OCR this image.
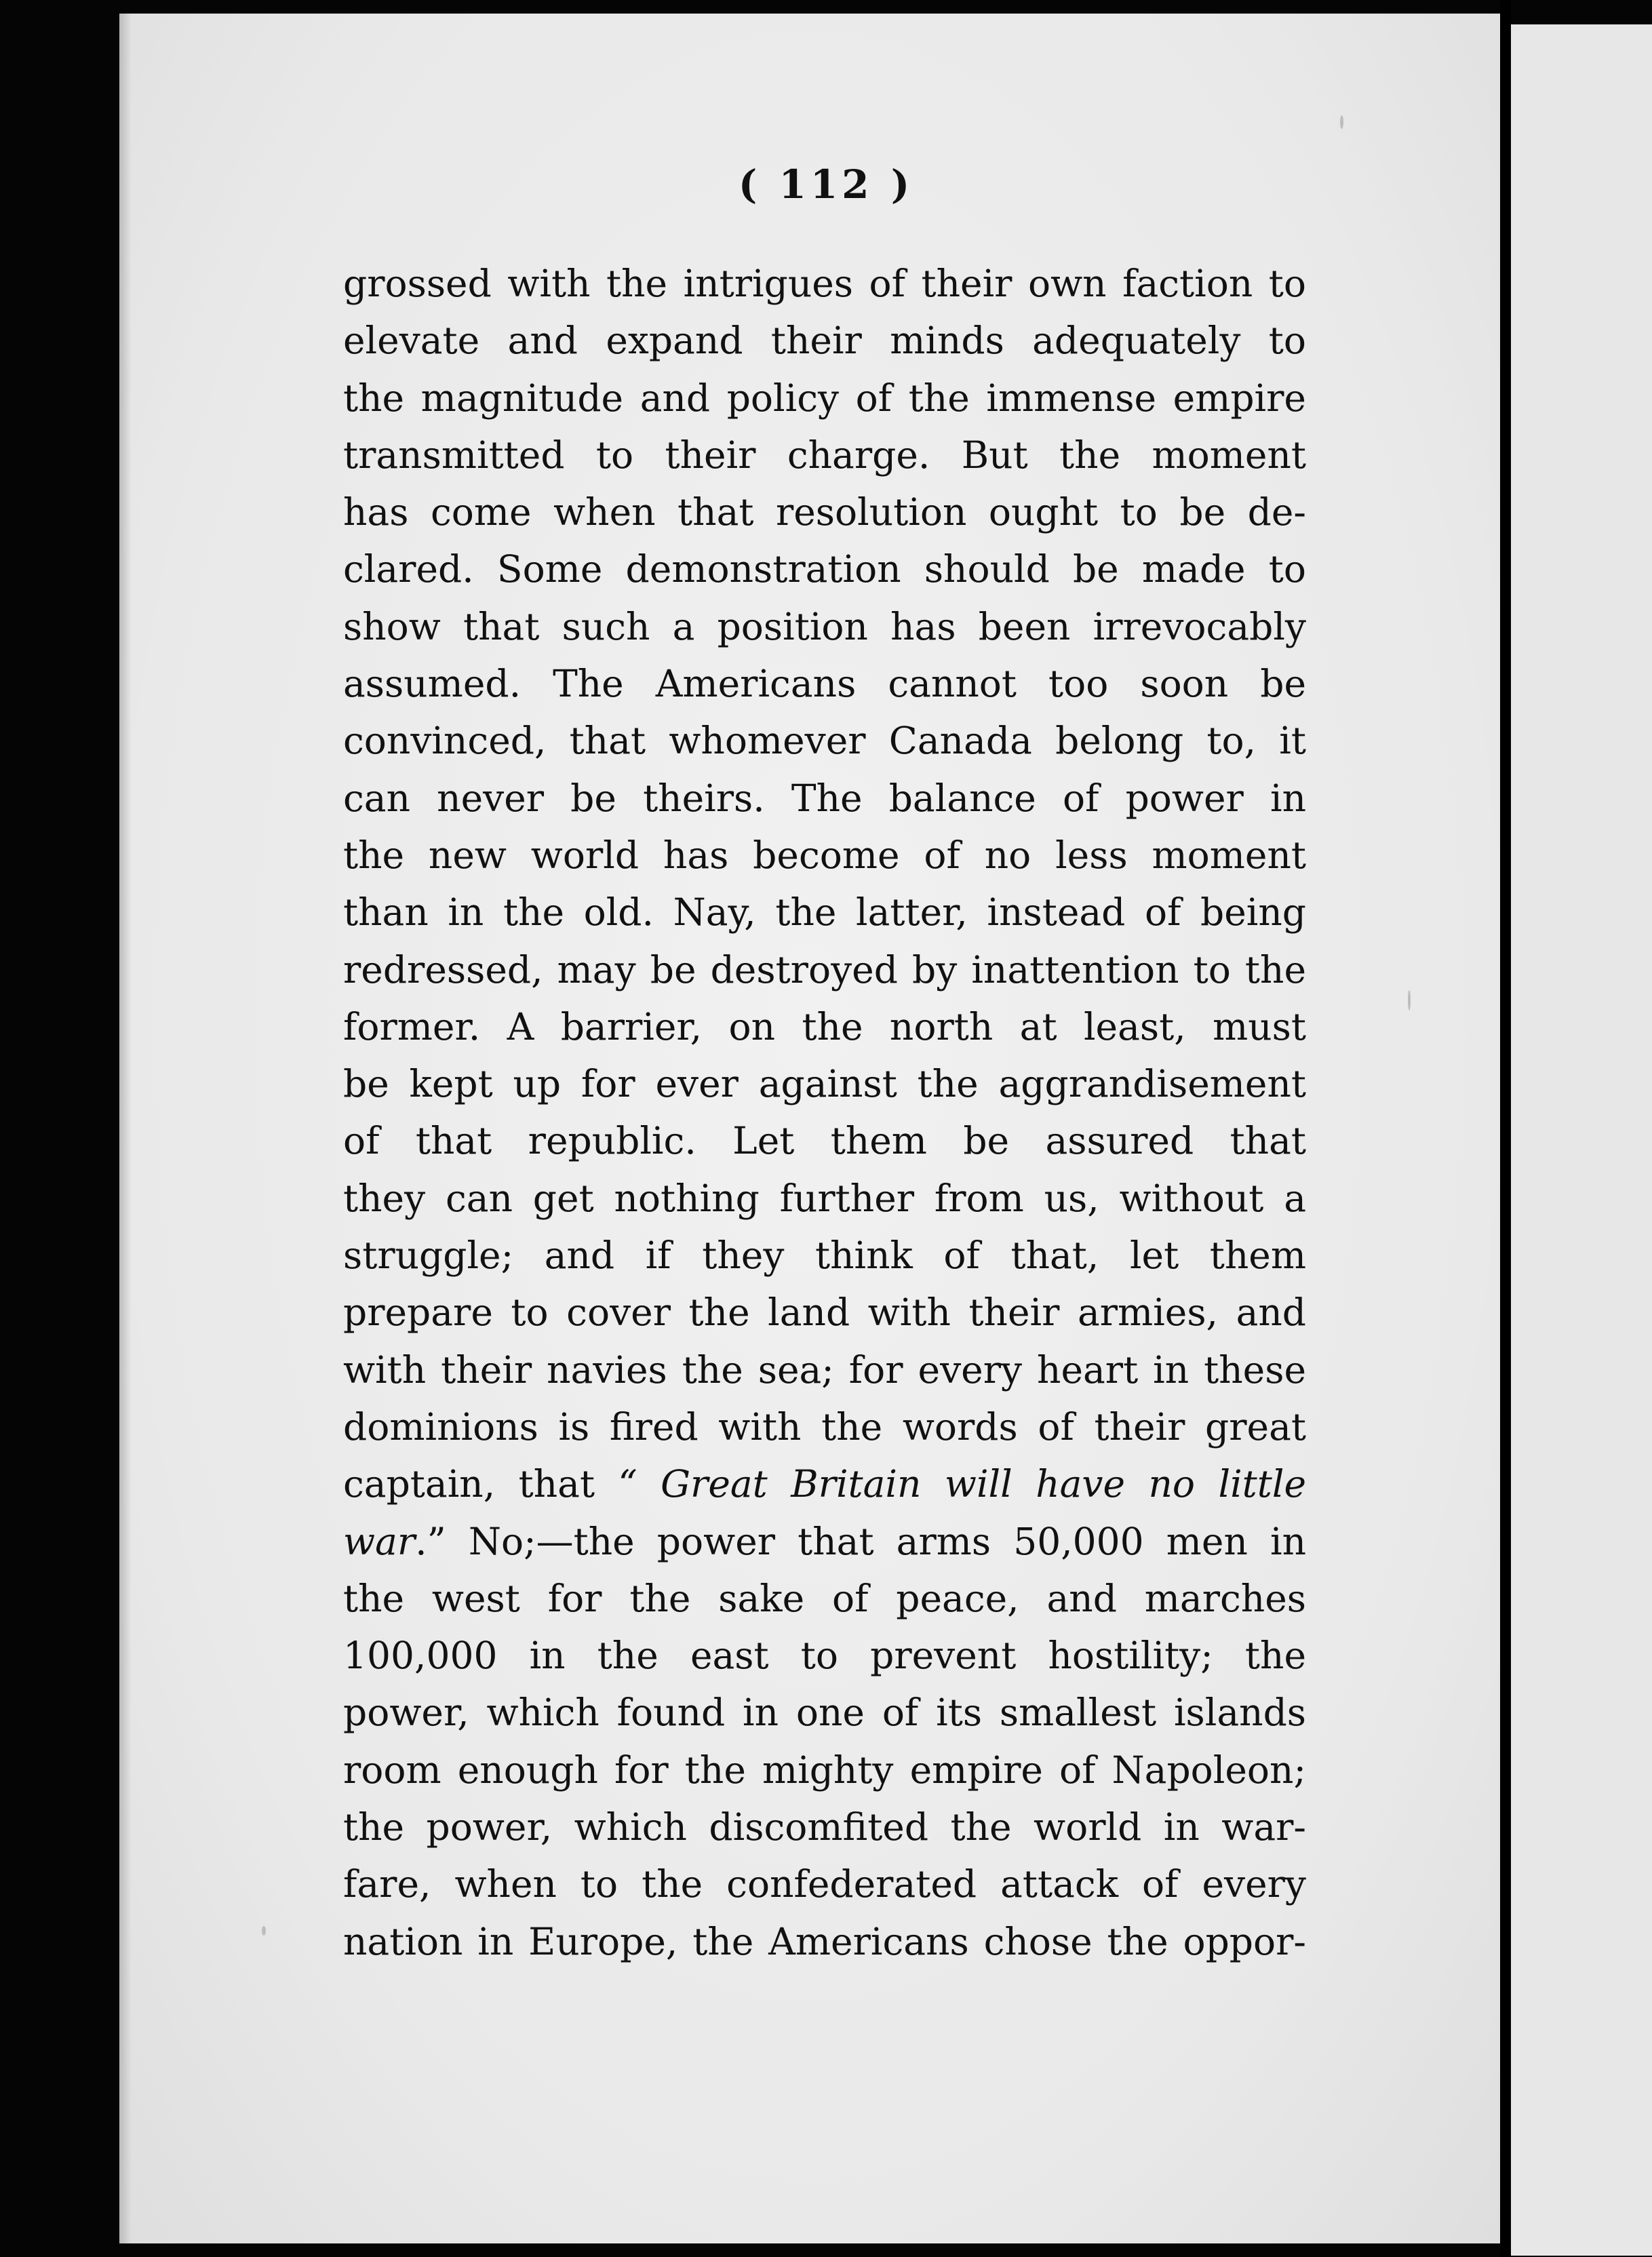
( 112 )
grossed with the intrigues of their own faction to
elevate and expand their minds adequately to
the magnitude and policy of the immense empire
transmitted to their charge. But the moment
has come when that resolution ought to be de-
clared. Some demonstration should be made to
show that such a position has been irrevocably
assumed. The Americans cannot too soon be
convinced, that whomever Canada belong to, it
can never be theirs. The balance of power in
the new world has become of no less moment
than in the old. Nay, the latter, instead of being
redressed, may be destroyed by inattention to the
former. A barrier, on the north at least, must
be kept up for ever against the aggrandisement
of that republic. Let them be assured that
they can get nothing further from us, without a
struggle; and if they think of that, let them
prepare to cover the land with their armies, and
with their navies the sea; for every heart in these
dominions is fired with the words of their great
captain, that “ Great Britain will have no little
war.” No;—the power that arms 50,000 men in
the west for the sake of peace, and marches
100,000 in the east to prevent hostility; the
power, which found in one of its smallest islands
room enough for the mighty empire of Napoleon;
the power, which discomfited the world in war-
fare, when to the confederated attack of every
nation in Europe, the Americans chose the oppor-
